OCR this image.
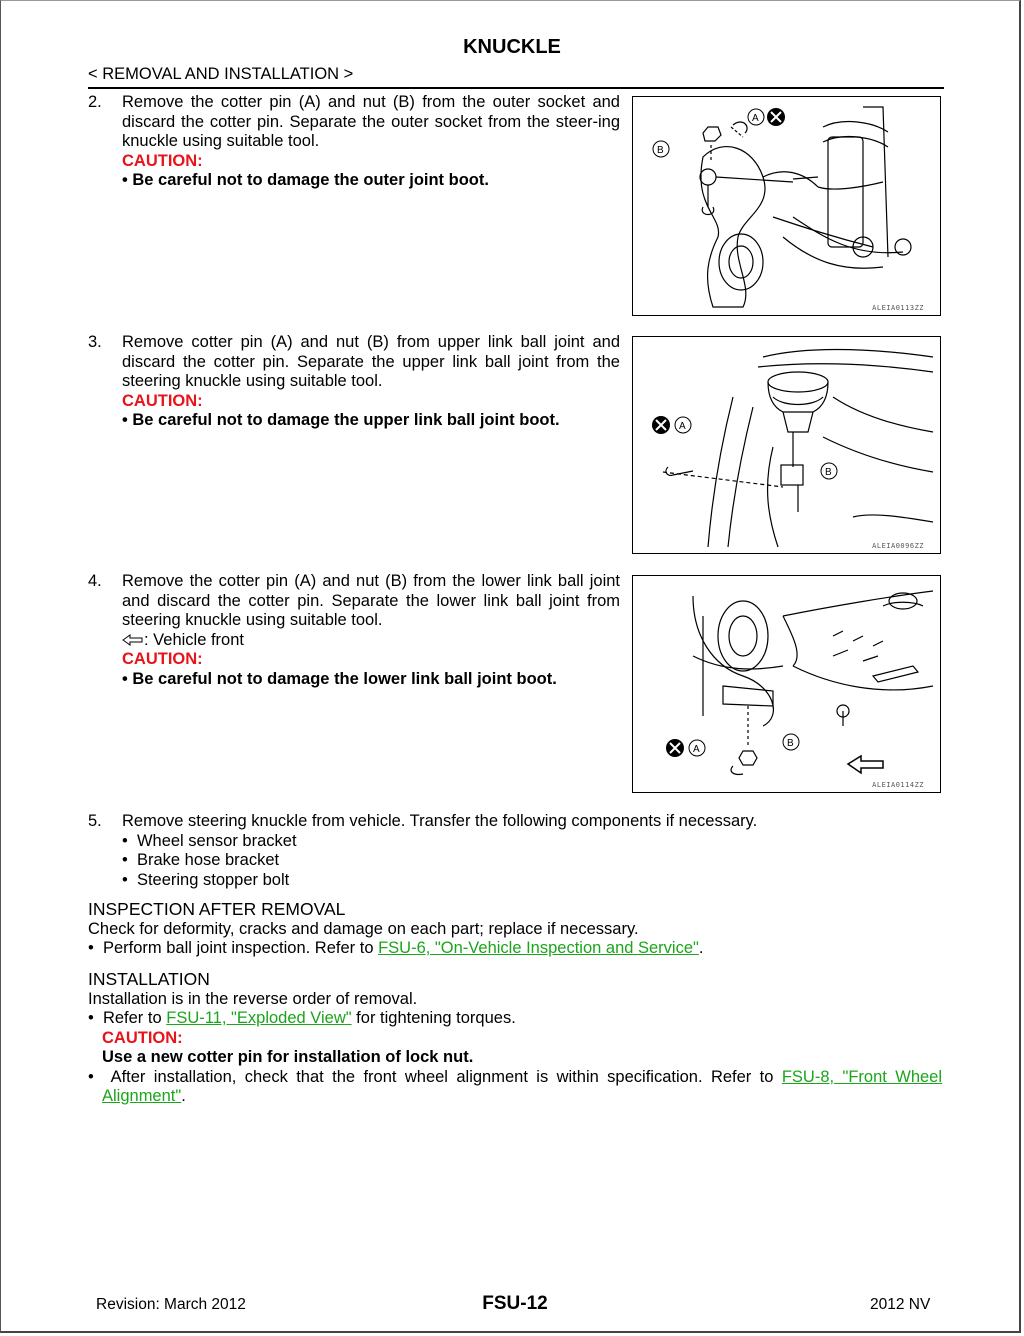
KNUCKLE
< REMOVAL AND INSTALLATION >
2. Remove the cotter pin (A) and nut (B) from the outer socket and discard the cotter pin. Separate the outer socket from the steer-ing knuckle using suitable tool.
CAUTION:
• Be careful not to damage the outer joint boot.
A
B
ALEIA0113ZZ
3. Remove cotter pin (A) and nut (B) from upper link ball joint and discard the cotter pin. Separate the upper link ball joint from the steering knuckle using suitable tool.
CAUTION:
• Be careful not to damage the upper link ball joint boot.	A
B
ALEIA0096ZZ
4. Remove the cotter pin (A) and nut (B) from the lower link ball joint and discard the cotter pin. Separate the lower link ball joint from steering knuckle using suitable tool.
: Vehicle front
CAUTION:
• Be careful not to damage the lower link ball joint boot.
A
B
ALEIA0114ZZ
5. Remove steering knuckle from vehicle. Transfer the following components if necessary.
•  Wheel sensor bracket
•  Brake hose bracket
•  Steering stopper bolt
INSPECTION AFTER REMOVAL
Check for deformity, cracks and damage on each part; replace if necessary.
•  Perform ball joint inspection. Refer to FSU-6, "On-Vehicle Inspection and Service".
INSTALLATION
Installation is in the reverse order of removal.
•  Refer to FSU-11, "Exploded View" for tightening torques.
CAUTION:
Use a new cotter pin for installation of lock nut.
•  After installation, check that the front wheel alignment is within specification. Refer to FSU-8, "Front Wheel Alignment".
Revision: March 2012	FSU-12	2012 NV
